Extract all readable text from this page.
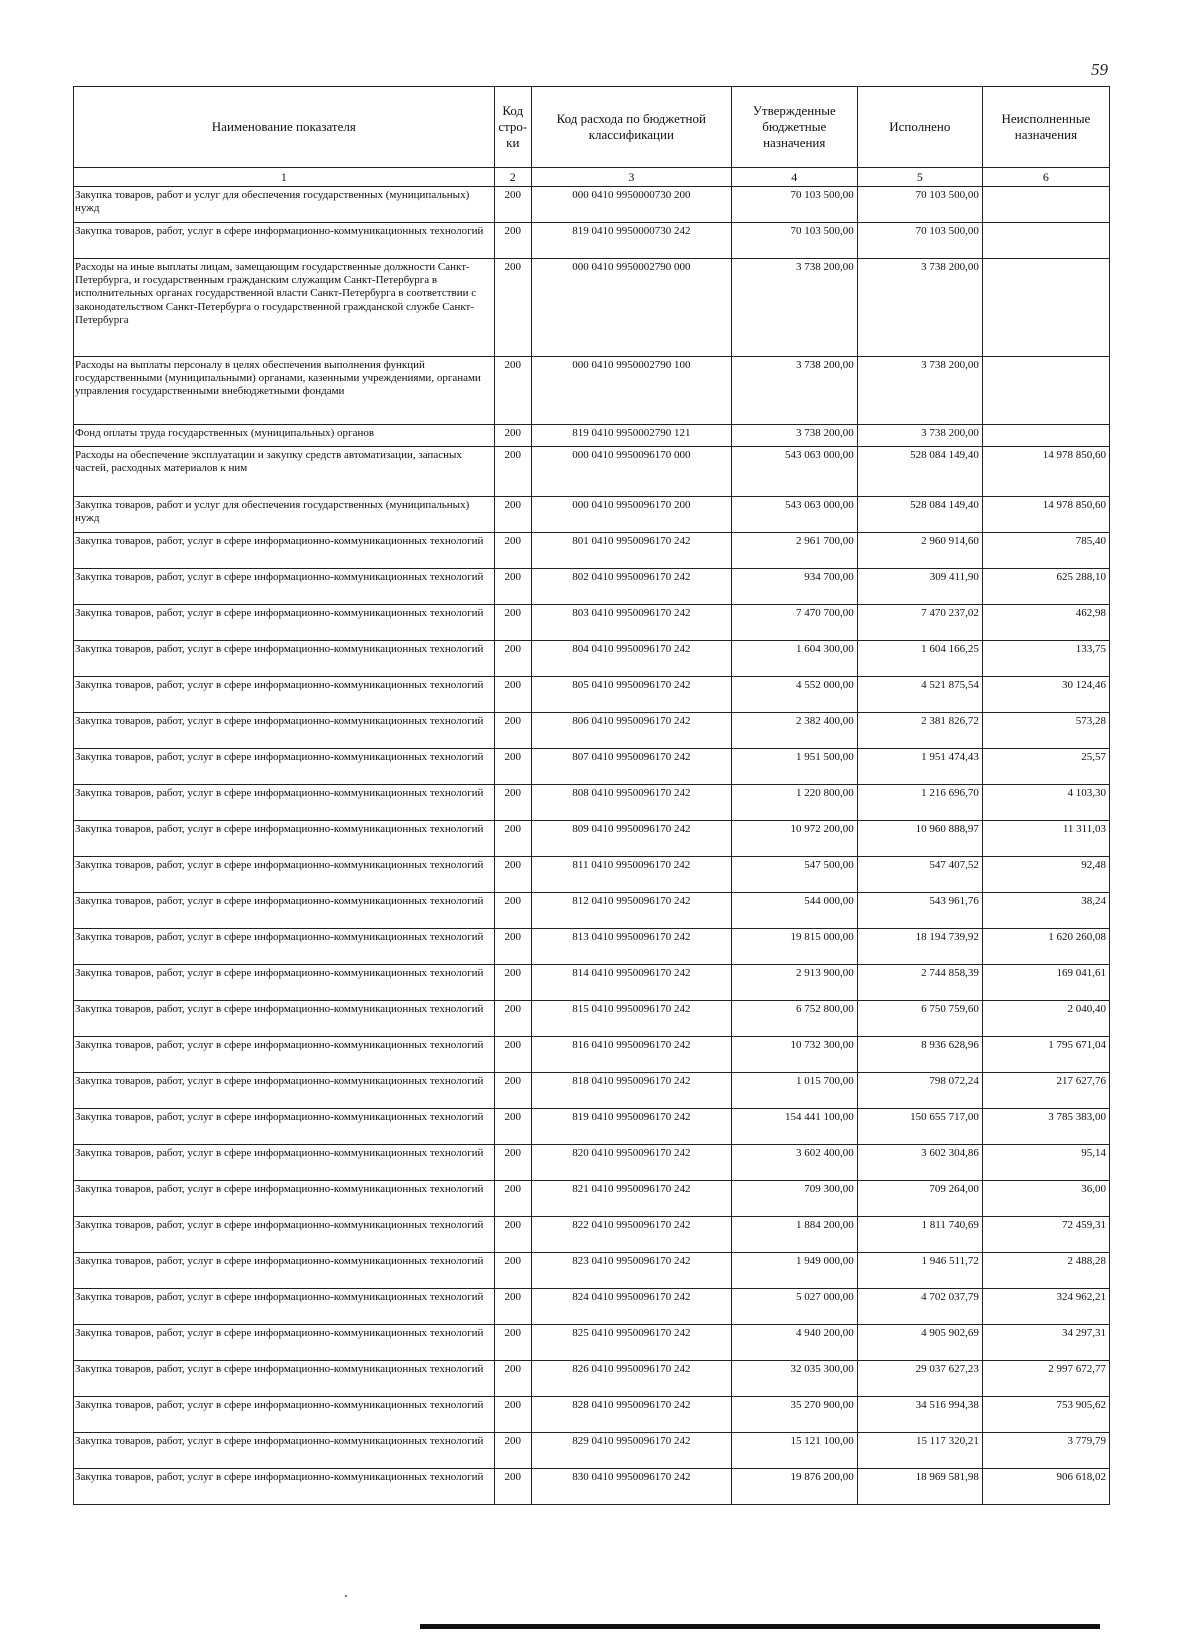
59
Наименование показателя	Код стро-ки	Код расхода по бюджетной классификации	Утвержденные бюджетные назначения	Исполнено	Неисполненные назначения
1	2	3	4	5	6
Закупка товаров, работ и услуг для обеспечения государственных (муниципальных) нужд	200	000 0410 9950000730 200	70 103 500,00	70 103 500,00	
Закупка товаров, работ, услуг в сфере информационно-коммуникационных технологий	200	819 0410 9950000730 242	70 103 500,00	70 103 500,00	
Расходы на иные выплаты лицам, замещающим государственные должности Санкт-Петербурга, и государственным гражданским служащим Санкт-Петербурга в исполнительных органах государственной власти Санкт-Петербурга в соответствии с законодательством Санкт-Петербурга о государственной гражданской службе Санкт-Петербурга	200	000 0410 9950002790 000	3 738 200,00	3 738 200,00	
Расходы на выплаты персоналу в целях обеспечения выполнения функций государственными (муниципальными) органами, казенными учреждениями, органами управления государственными внебюджетными фондами	200	000 0410 9950002790 100	3 738 200,00	3 738 200,00	
Фонд оплаты труда государственных (муниципальных) органов	200	819 0410 9950002790 121	3 738 200,00	3 738 200,00	
Расходы на обеспечение эксплуатации и закупку средств автоматизации, запасных частей, расходных материалов к ним	200	000 0410 9950096170 000	543 063 000,00	528 084 149,40	14 978 850,60
Закупка товаров, работ и услуг для обеспечения государственных (муниципальных) нужд	200	000 0410 9950096170 200	543 063 000,00	528 084 149,40	14 978 850,60
Закупка товаров, работ, услуг в сфере информационно-коммуникационных технологий	200	801 0410 9950096170 242	2 961 700,00	2 960 914,60	785,40
Закупка товаров, работ, услуг в сфере информационно-коммуникационных технологий	200	802 0410 9950096170 242	934 700,00	309 411,90	625 288,10
Закупка товаров, работ, услуг в сфере информационно-коммуникационных технологий	200	803 0410 9950096170 242	7 470 700,00	7 470 237,02	462,98
Закупка товаров, работ, услуг в сфере информационно-коммуникационных технологий	200	804 0410 9950096170 242	1 604 300,00	1 604 166,25	133,75
Закупка товаров, работ, услуг в сфере информационно-коммуникационных технологий	200	805 0410 9950096170 242	4 552 000,00	4 521 875,54	30 124,46
Закупка товаров, работ, услуг в сфере информационно-коммуникационных технологий	200	806 0410 9950096170 242	2 382 400,00	2 381 826,72	573,28
Закупка товаров, работ, услуг в сфере информационно-коммуникационных технологий	200	807 0410 9950096170 242	1 951 500,00	1 951 474,43	25,57
Закупка товаров, работ, услуг в сфере информационно-коммуникационных технологий	200	808 0410 9950096170 242	1 220 800,00	1 216 696,70	4 103,30
Закупка товаров, работ, услуг в сфере информационно-коммуникационных технологий	200	809 0410 9950096170 242	10 972 200,00	10 960 888,97	11 311,03
Закупка товаров, работ, услуг в сфере информационно-коммуникационных технологий	200	811 0410 9950096170 242	547 500,00	547 407,52	92,48
Закупка товаров, работ, услуг в сфере информационно-коммуникационных технологий	200	812 0410 9950096170 242	544 000,00	543 961,76	38,24
Закупка товаров, работ, услуг в сфере информационно-коммуникационных технологий	200	813 0410 9950096170 242	19 815 000,00	18 194 739,92	1 620 260,08
Закупка товаров, работ, услуг в сфере информационно-коммуникационных технологий	200	814 0410 9950096170 242	2 913 900,00	2 744 858,39	169 041,61
Закупка товаров, работ, услуг в сфере информационно-коммуникационных технологий	200	815 0410 9950096170 242	6 752 800,00	6 750 759,60	2 040,40
Закупка товаров, работ, услуг в сфере информационно-коммуникационных технологий	200	816 0410 9950096170 242	10 732 300,00	8 936 628,96	1 795 671,04
Закупка товаров, работ, услуг в сфере информационно-коммуникационных технологий	200	818 0410 9950096170 242	1 015 700,00	798 072,24	217 627,76
Закупка товаров, работ, услуг в сфере информационно-коммуникационных технологий	200	819 0410 9950096170 242	154 441 100,00	150 655 717,00	3 785 383,00
Закупка товаров, работ, услуг в сфере информационно-коммуникационных технологий	200	820 0410 9950096170 242	3 602 400,00	3 602 304,86	95,14
Закупка товаров, работ, услуг в сфере информационно-коммуникационных технологий	200	821 0410 9950096170 242	709 300,00	709 264,00	36,00
Закупка товаров, работ, услуг в сфере информационно-коммуникационных технологий	200	822 0410 9950096170 242	1 884 200,00	1 811 740,69	72 459,31
Закупка товаров, работ, услуг в сфере информационно-коммуникационных технологий	200	823 0410 9950096170 242	1 949 000,00	1 946 511,72	2 488,28
Закупка товаров, работ, услуг в сфере информационно-коммуникационных технологий	200	824 0410 9950096170 242	5 027 000,00	4 702 037,79	324 962,21
Закупка товаров, работ, услуг в сфере информационно-коммуникационных технологий	200	825 0410 9950096170 242	4 940 200,00	4 905 902,69	34 297,31
Закупка товаров, работ, услуг в сфере информационно-коммуникационных технологий	200	826 0410 9950096170 242	32 035 300,00	29 037 627,23	2 997 672,77
Закупка товаров, работ, услуг в сфере информационно-коммуникационных технологий	200	828 0410 9950096170 242	35 270 900,00	34 516 994,38	753 905,62
Закупка товаров, работ, услуг в сфере информационно-коммуникационных технологий	200	829 0410 9950096170 242	15 121 100,00	15 117 320,21	3 779,79
Закупка товаров, работ, услуг в сфере информационно-коммуникационных технологий	200	830 0410 9950096170 242	19 876 200,00	18 969 581,98	906 618,02
